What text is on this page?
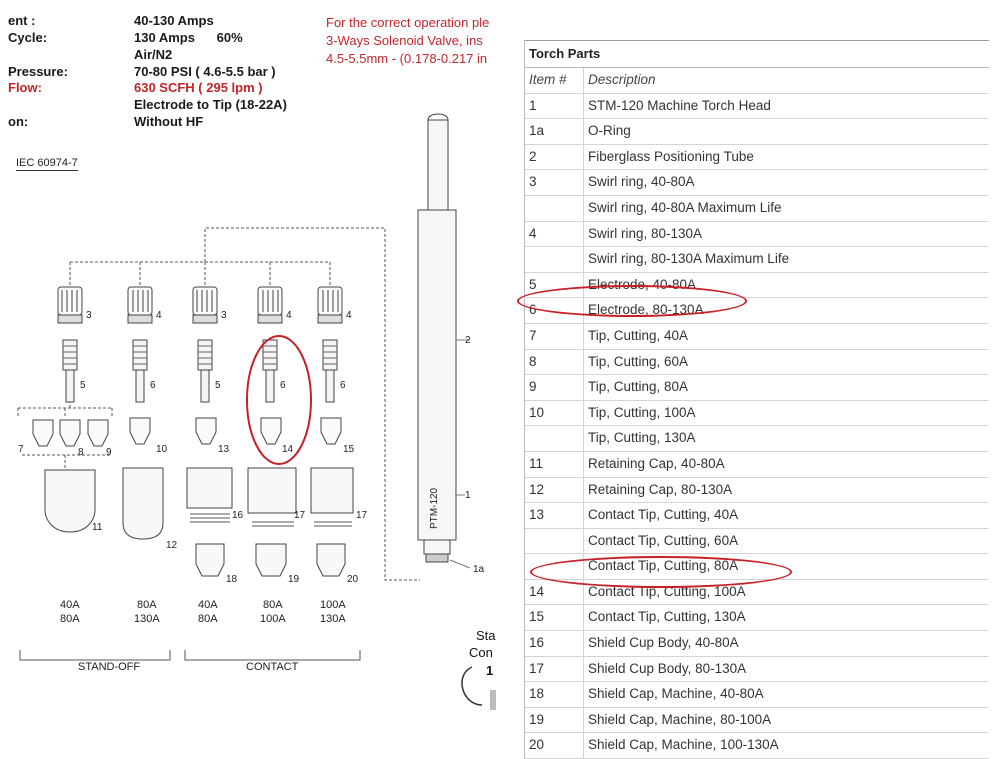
ent :	40-130 Amps
Cycle:	130 Amps      60%
Air/N2
Pressure:	70-80 PSI ( 4.6-5.5 bar )
Flow:	630 SCFH ( 295 lpm )
Electrode to Tip (18-22A)
on:	Without HF
For the correct operation ple
3-Ways Solenoid Valve, ins
4.5-5.5mm - (0.178-0.217 in
IEC 60974-7
3	4	3	4	4
5	6	5	6	6
7	8 9	10	13	14	15
11
12
16	17	17
18	19	20
2
1
1a
PTM-120
40A
80A
80A
130A
40A
80A
80A
100A
100A
130A
STAND-OFF	CONTACT
Sta
Con
1
Torch Parts
Item #	Description
1	STM-120 Machine Torch Head
1a	O-Ring
2	Fiberglass Positioning Tube
3	Swirl ring, 40-80A
Swirl ring, 40-80A Maximum Life
4	Swirl ring, 80-130A
Swirl ring, 80-130A Maximum Life
5	Electrode, 40-80A
6	Electrode, 80-130A
7	Tip, Cutting, 40A
8	Tip, Cutting, 60A
9	Tip, Cutting, 80A
10	Tip, Cutting, 100A
Tip, Cutting, 130A
11	Retaining Cap, 40-80A
12	Retaining Cap, 80-130A
13	Contact Tip, Cutting, 40A
Contact Tip, Cutting, 60A
Contact Tip, Cutting, 80A
14	Contact Tip, Cutting, 100A
15	Contact Tip, Cutting, 130A
16	Shield Cup Body, 40-80A
17	Shield Cup Body, 80-130A
18	Shield Cap, Machine, 40-80A
19	Shield Cap, Machine, 80-100A
20	Shield Cap, Machine, 100-130A
